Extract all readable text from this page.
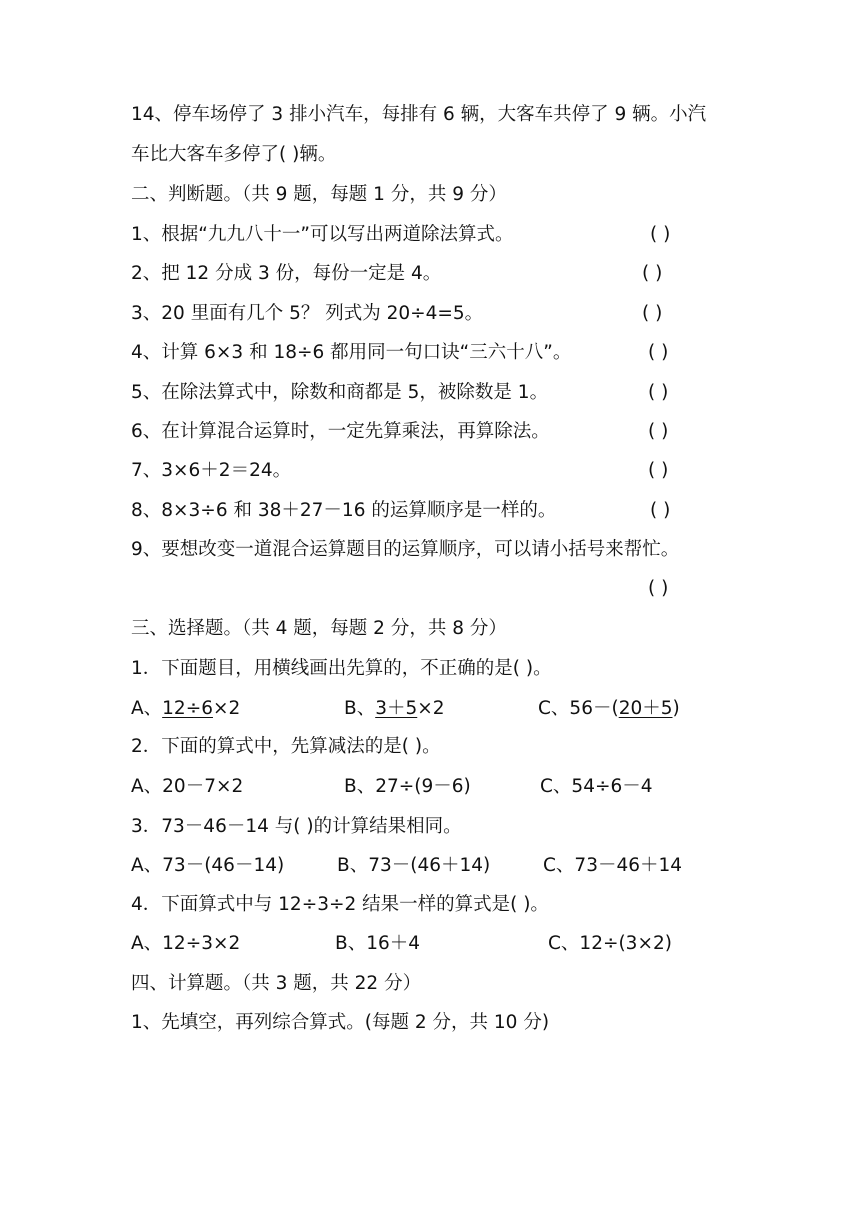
14、停车场停了 3 排小汽车，每排有 6 辆，大客车共停了 9 辆。小汽
车比大客车多停了( )辆。
二、判断题。（共 9 题，每题 1 分，共 9 分）
1、根据“九九八十一”可以写出两道除法算式。	( )
2、把 12 分成 3 份，每份一定是 4。	( )
3、20 里面有几个 5？ 列式为 20÷4=5。	( )
4、计算 6×3 和 18÷6 都用同一句口诀“三六十八”。	( )
5、在除法算式中，除数和商都是 5，被除数是 1。	( )
6、在计算混合运算时，一定先算乘法，再算除法。	( )
7、3×6＋2＝24。	( )
8、8×3÷6 和 38＋27－16 的运算顺序是一样的。	( )
9、要想改变一道混合运算题目的运算顺序，可以请小括号来帮忙。
( )
三、选择题。（共 4 题，每题 2 分，共 8 分）
1．下面题目，用横线画出先算的，不正确的是( )。
A、12÷6×2	B、3＋5×2	C、56－(20＋5)
2．下面的算式中，先算减法的是( )。
A、20－7×2	B、27÷(9－6)	C、54÷6－4
3．73－46－14 与( )的计算结果相同。
A、73－(46－14)	B、73－(46＋14)	C、73－46＋14
4．下面算式中与 12÷3÷2 结果一样的算式是( )。
A、12÷3×2	B、16＋4	C、12÷(3×2)
四、计算题。（共 3 题，共 22 分）
1、先填空，再列综合算式。(每题 2 分，共 10 分)
